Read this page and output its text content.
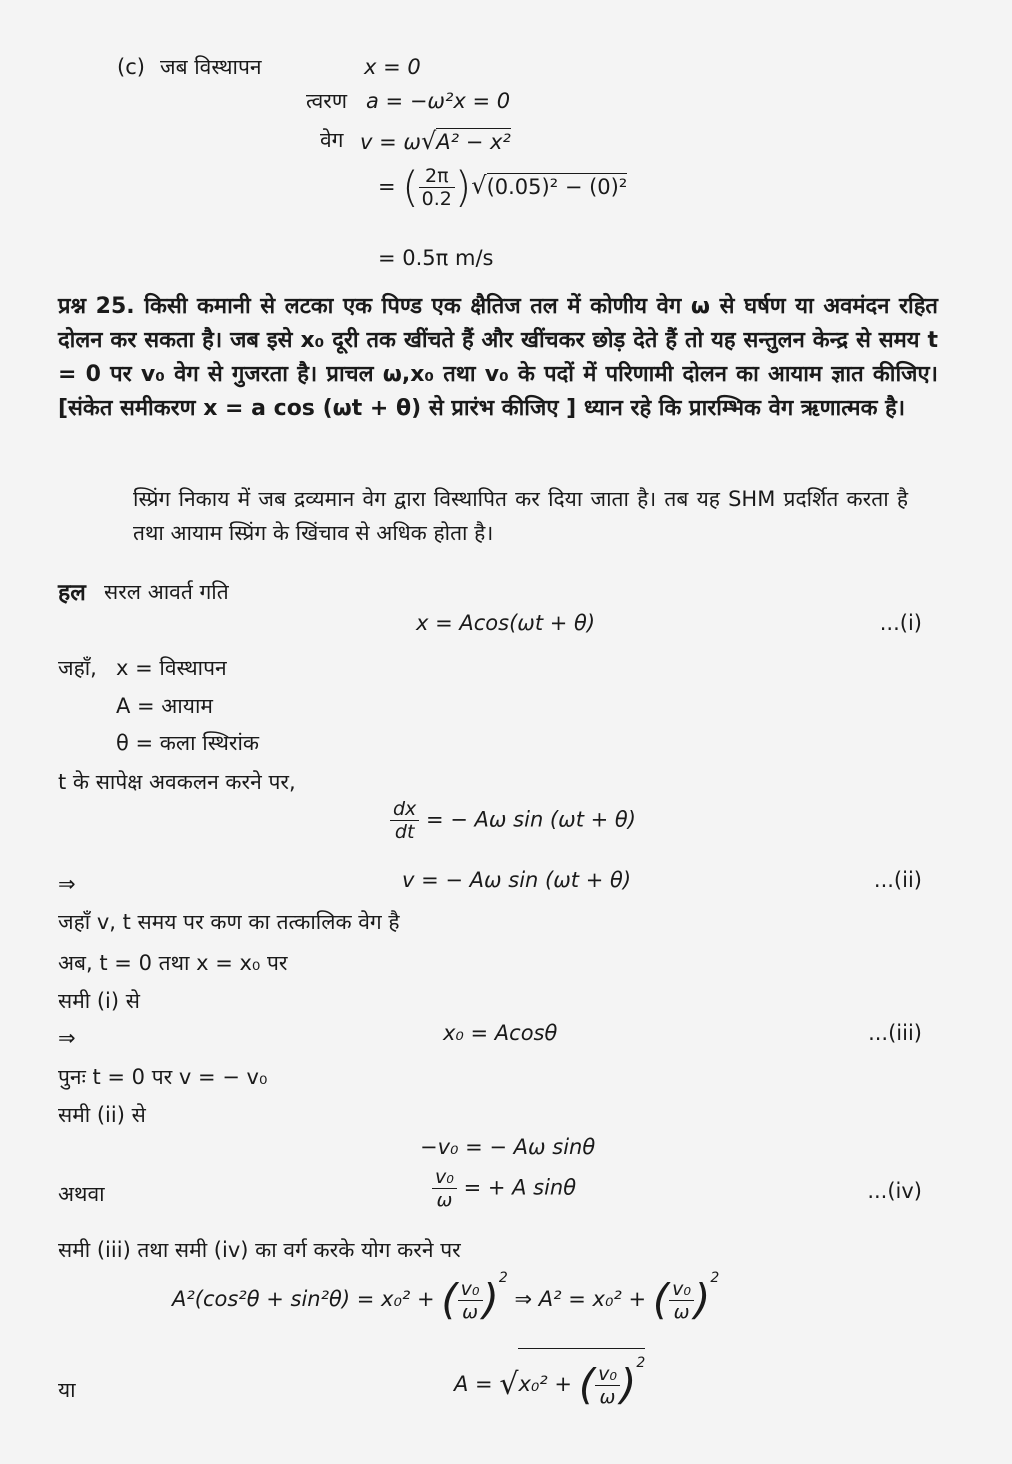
(c) जब विस्थापन	x = 0
त्वरण a = −ω²x = 0
वेग v = ω√A² − x²
= ( $\frac{2\pi}{0.2} )√(0.05)^2 - (0)^2$
= 0.5π m/s
प्रश्न 25. किसी कमानी से लटका एक पिण्ड एक क्षैतिज तल में कोणीय वेग ω से घर्षण या अवमंदन रहित दोलन कर सकता है। जब इसे x₀ दूरी तक खींचते हैं और खींचकर छोड़ देते हैं तो यह सन्तुलन केन्द्र से समय t = 0 पर v₀ वेग से गुजरता है। प्राचल ω,x₀ तथा v₀ के पदों में परिणामी दोलन का आयाम ज्ञात कीजिए। [संकेत समीकरण x = a cos (ωt + θ) से प्रारंभ कीजिए ] ध्यान रहे कि प्रारम्भिक वेग ऋणात्मक है।
स्प्रिंग निकाय में जब द्रव्यमान वेग द्वारा विस्थापित कर दिया जाता है। तब यह SHM प्रदर्शित करता है तथा आयाम स्प्रिंग के खिंचाव से अधिक होता है।
हल सरल आवर्त गति
x = Acos(ωt + θ)	...(i)
जहाँ, x = विस्थापन
A = आयाम
θ = कला स्थिरांक
t के सापेक्ष अवकलन करने पर,
$\frac{dx}{dt}$ = − Aω sin (ωt + θ)
⇒	v = − Aω sin (ωt + θ)	...(ii)
जहाँ v, t समय पर कण का तत्कालिक वेग है
अब, t = 0 तथा x = x₀ पर
समी (i) से
⇒	x₀ = Acosθ	...(iii)
पुनः t = 0 पर v = − v₀
समी (ii) से
−v₀ = − Aω sinθ
अथवा	$\frac{\text{v₀}}{\omega}$ = + A sinθ	...(iv)
समी (iii) तथा समी (iv) का वर्ग करके योग करने पर
A²(cos²θ + sin²θ) = x₀² + ( $\frac{\text{v₀}}{\omega} )^2$ ⇒ A² = x₀² + ( $\frac{\text{v₀}}{\omega} )^2$
या	A = √x₀² + ( $\frac{\text{v₀}}{\omega} )^2$
